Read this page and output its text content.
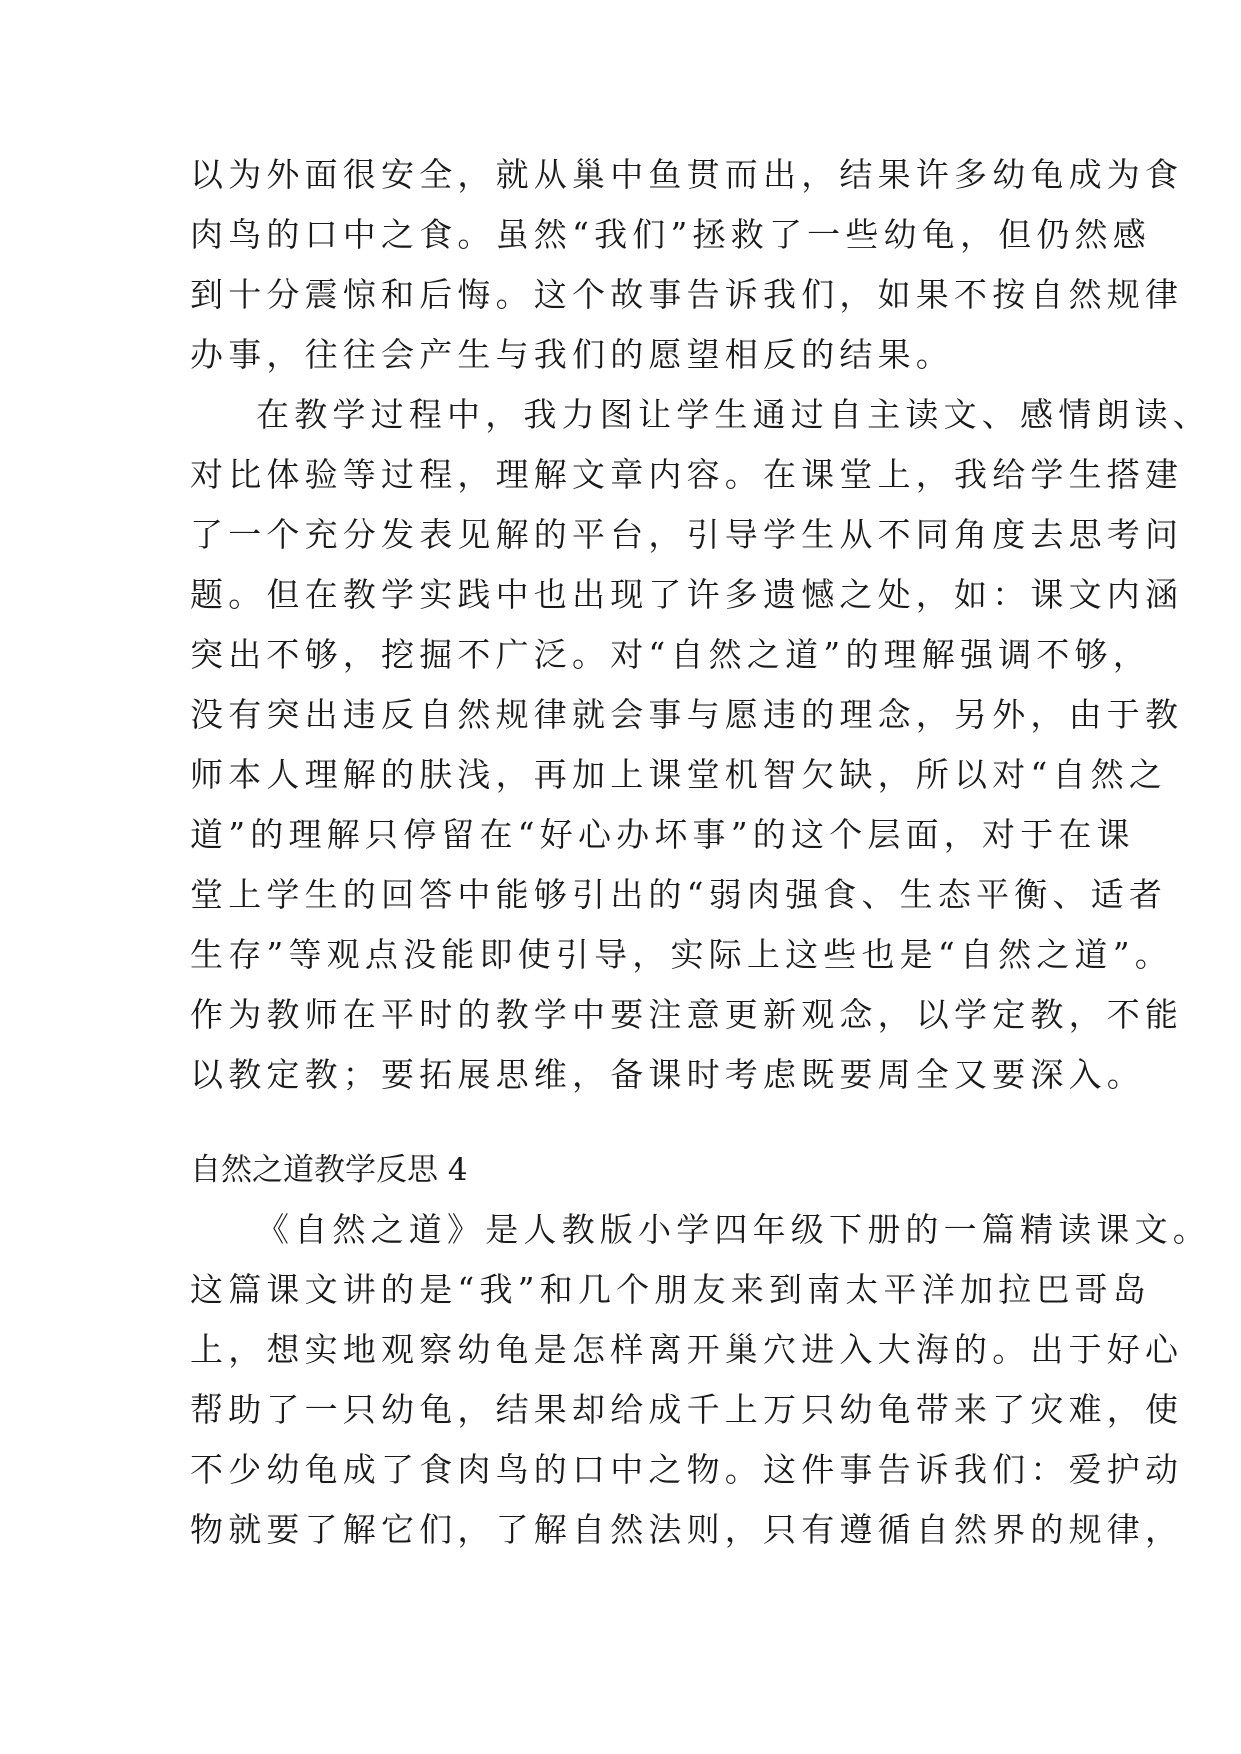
以为外面很安全，就从巢中鱼贯而出，结果许多幼龟成为食
肉鸟的口中之食。虽然“我们”拯救了一些幼龟，但仍然感
到十分震惊和后悔。这个故事告诉我们，如果不按自然规律
办事，往往会产生与我们的愿望相反的结果。
在教学过程中，我力图让学生通过自主读文、感情朗读、
对比体验等过程，理解文章内容。在课堂上，我给学生搭建
了一个充分发表见解的平台，引导学生从不同角度去思考问
题。但在教学实践中也出现了许多遗憾之处，如：课文内涵
突出不够，挖掘不广泛。对“自然之道”的理解强调不够，
没有突出违反自然规律就会事与愿违的理念，另外，由于教
师本人理解的肤浅，再加上课堂机智欠缺，所以对“自然之
道”的理解只停留在“好心办坏事”的这个层面，对于在课
堂上学生的回答中能够引出的“弱肉强食、生态平衡、适者
生存”等观点没能即使引导，实际上这些也是“自然之道”。
作为教师在平时的教学中要注意更新观念，以学定教，不能
以教定教；要拓展思维，备课时考虑既要周全又要深入。
自然之道教学反思 4
《自然之道》是人教版小学四年级下册的一篇精读课文。
这篇课文讲的是“我”和几个朋友来到南太平洋加拉巴哥岛
上，想实地观察幼龟是怎样离开巢穴进入大海的。出于好心
帮助了一只幼龟，结果却给成千上万只幼龟带来了灾难，使
不少幼龟成了食肉鸟的口中之物。这件事告诉我们：爱护动
物就要了解它们，了解自然法则，只有遵循自然界的规律，
